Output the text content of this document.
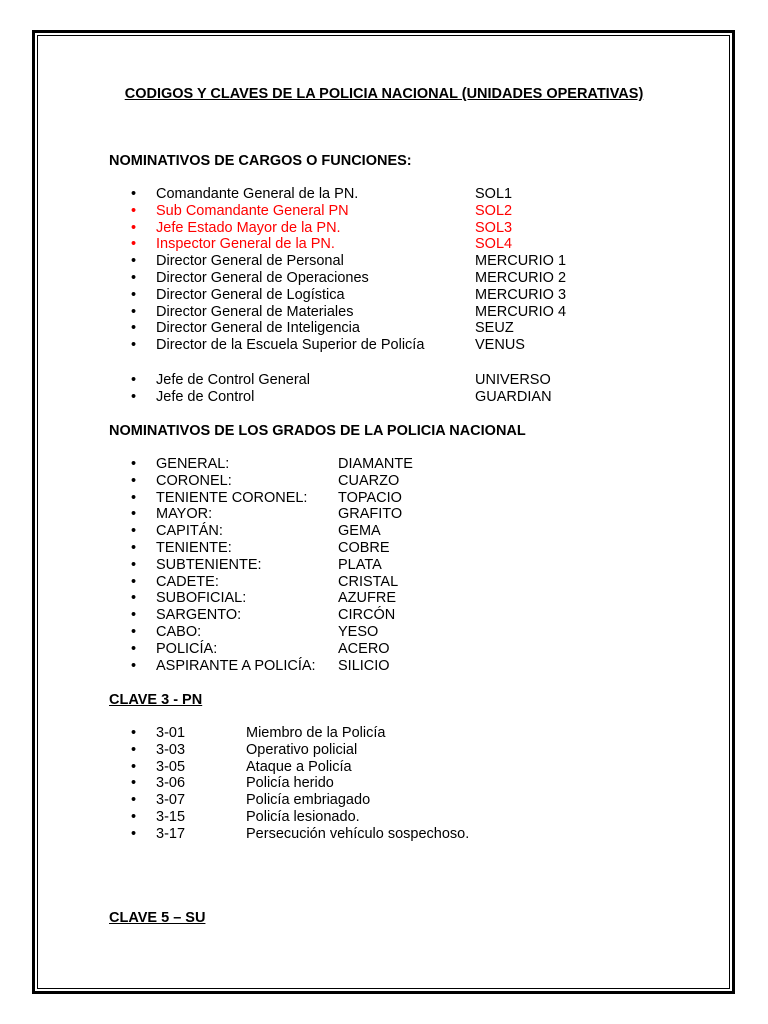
CODIGOS Y CLAVES DE LA POLICIA NACIONAL (UNIDADES OPERATIVAS)
NOMINATIVOS DE CARGOS O FUNCIONES:
• Comandante General de la PN.	SOL1
• Sub Comandante General PN	SOL2
• Jefe Estado Mayor de la PN.	SOL3
• Inspector General de la PN.	SOL4
• Director General de Personal	MERCURIO 1
• Director General de Operaciones	MERCURIO 2
• Director General de Logística	MERCURIO 3
• Director General de Materiales	MERCURIO 4
• Director General de Inteligencia	SEUZ
• Director de la Escuela Superior de Policía	VENUS
• Jefe de Control General	UNIVERSO
• Jefe de Control	GUARDIAN
NOMINATIVOS DE LOS GRADOS DE LA POLICIA NACIONAL
• GENERAL:	DIAMANTE
• CORONEL:	CUARZO
• TENIENTE CORONEL: TOPACIO
• MAYOR:	GRAFITO
• CAPITÁN:	GEMA
• TENIENTE:	COBRE
• SUBTENIENTE:	PLATA
• CADETE:	CRISTAL
• SUBOFICIAL:	AZUFRE
• SARGENTO:	CIRCÓN
• CABO:	YESO
• POLICÍA:	ACERO
• ASPIRANTE A POLICÍA: SILICIO
CLAVE 3 - PN
• 3-01	Miembro de la Policía
• 3-03	Operativo policial
• 3-05	Ataque a Policía
• 3-06	Policía herido
• 3-07	Policía embriagado
• 3-15	Policía lesionado.
• 3-17	Persecución vehículo sospechoso.
CLAVE 5 – SU
